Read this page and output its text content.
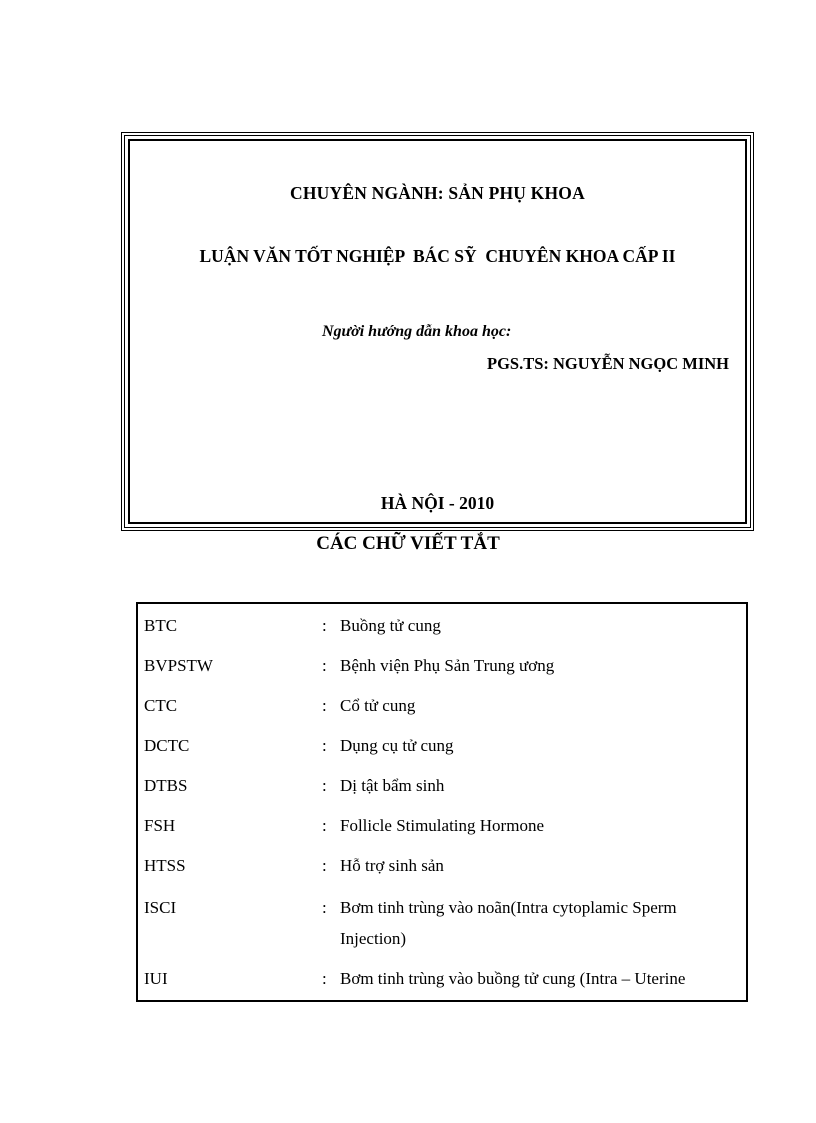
CHUYÊN NGÀNH: SẢN PHỤ KHOA
LUẬN VĂN TỐT NGHIỆP  BÁC SỸ  CHUYÊN KHOA CẤP II
Người hướng dẫn khoa học:
PGS.TS: NGUYỄN NGỌC MINH
HÀ NỘI - 2010
CÁC CHỮ VIẾT TẮT
BTC	: Buồng tử cung
BVPSTW	: Bệnh viện Phụ Sản Trung ương
CTC	: Cổ tử cung
DCTC	: Dụng cụ tử cung
DTBS	: Dị tật bẩm sinh
FSH	: Follicle Stimulating Hormone
HTSS	: Hỗ trợ sinh sản
ISCI	: Bơm tinh trùng vào noãn(Intra cytoplamic Sperm Injection)
IUI	: Bơm tinh trùng vào buồng tử cung (Intra – Uterine
